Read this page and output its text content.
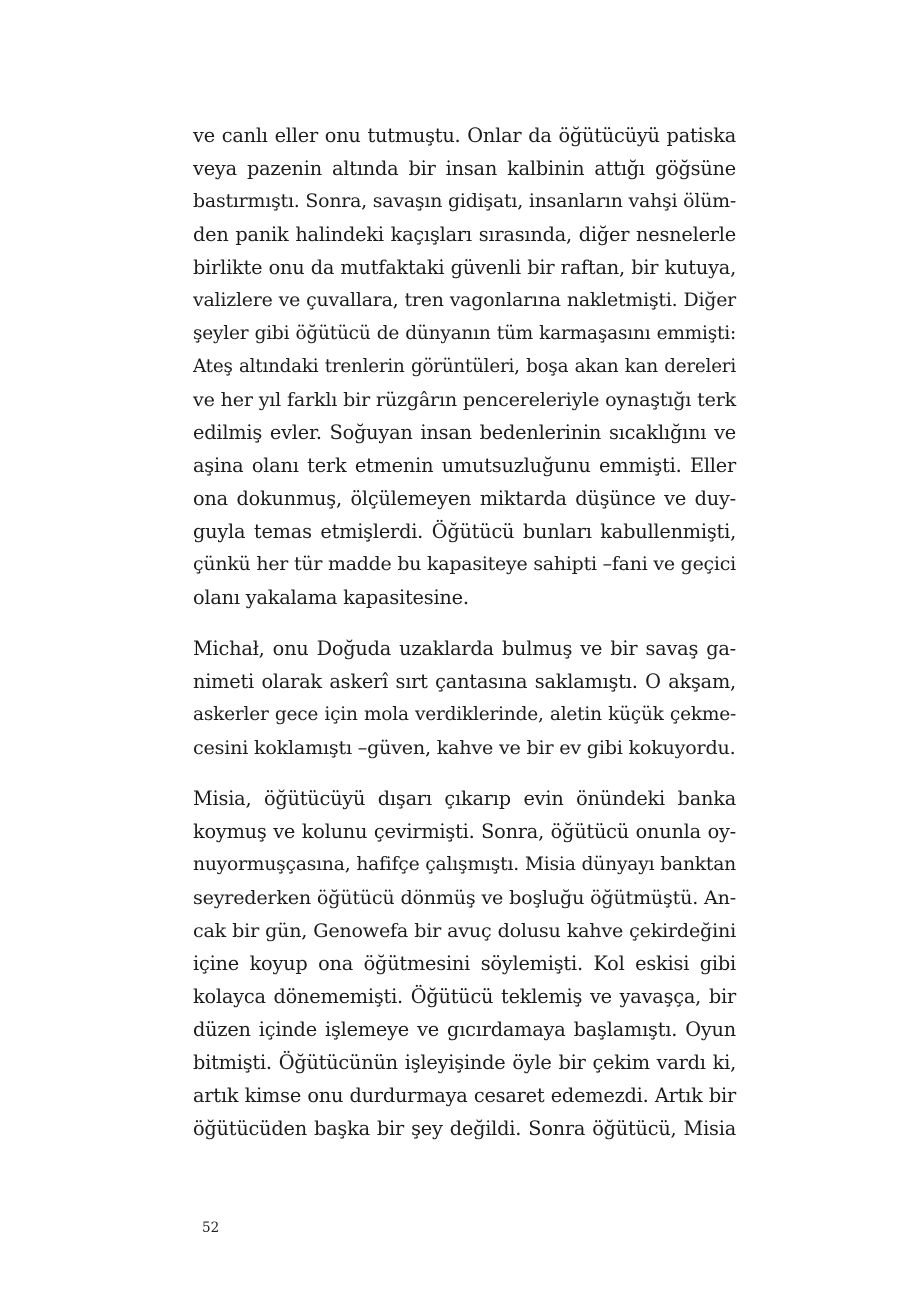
ve canlı eller onu tutmuştu. Onlar da öğütücüyü patiska
veya pazenin altında bir insan kalbinin attığı göğsüne
bastırmıştı. Sonra, savaşın gidişatı, insanların vahşi ölüm-
den panik halindeki kaçışları sırasında, diğer nesnelerle
birlikte onu da mutfaktaki güvenli bir raftan, bir kutuya,
valizlere ve çuvallara, tren vagonlarına nakletmişti. Diğer
şeyler gibi öğütücü de dünyanın tüm karmaşasını emmişti:
Ateş altındaki trenlerin görüntüleri, boşa akan kan dereleri
ve her yıl farklı bir rüzgârın pencereleriyle oynaştığı terk
edilmiş evler. Soğuyan insan bedenlerinin sıcaklığını ve
aşina olanı terk etmenin umutsuzluğunu emmişti. Eller
ona dokunmuş, ölçülemeyen miktarda düşünce ve duy-
guyla temas etmişlerdi. Öğütücü bunları kabullenmişti,
çünkü her tür madde bu kapasiteye sahipti –fani ve geçici
olanı yakalama kapasitesine.

Michał, onu Doğuda uzaklarda bulmuş ve bir savaş ga-
nimeti olarak askerî sırt çantasına saklamıştı. O akşam,
askerler gece için mola verdiklerinde, aletin küçük çekme-
cesini koklamıştı –güven, kahve ve bir ev gibi kokuyordu.

Misia, öğütücüyü dışarı çıkarıp evin önündeki banka
koymuş ve kolunu çevirmişti. Sonra, öğütücü onunla oy-
nuyormuşçasına, hafifçe çalışmıştı. Misia dünyayı banktan
seyrederken öğütücü dönmüş ve boşluğu öğütmüştü. An-
cak bir gün, Genowefa bir avuç dolusu kahve çekirdeğini
içine koyup ona öğütmesini söylemişti. Kol eskisi gibi
kolayca dönememişti. Öğütücü teklemiş ve yavaşça, bir
düzen içinde işlemeye ve gıcırdamaya başlamıştı. Oyun
bitmişti. Öğütücünün işleyişinde öyle bir çekim vardı ki,
artık kimse onu durdurmaya cesaret edemezdi. Artık bir
öğütücüden başka bir şey değildi. Sonra öğütücü, Misia

52
